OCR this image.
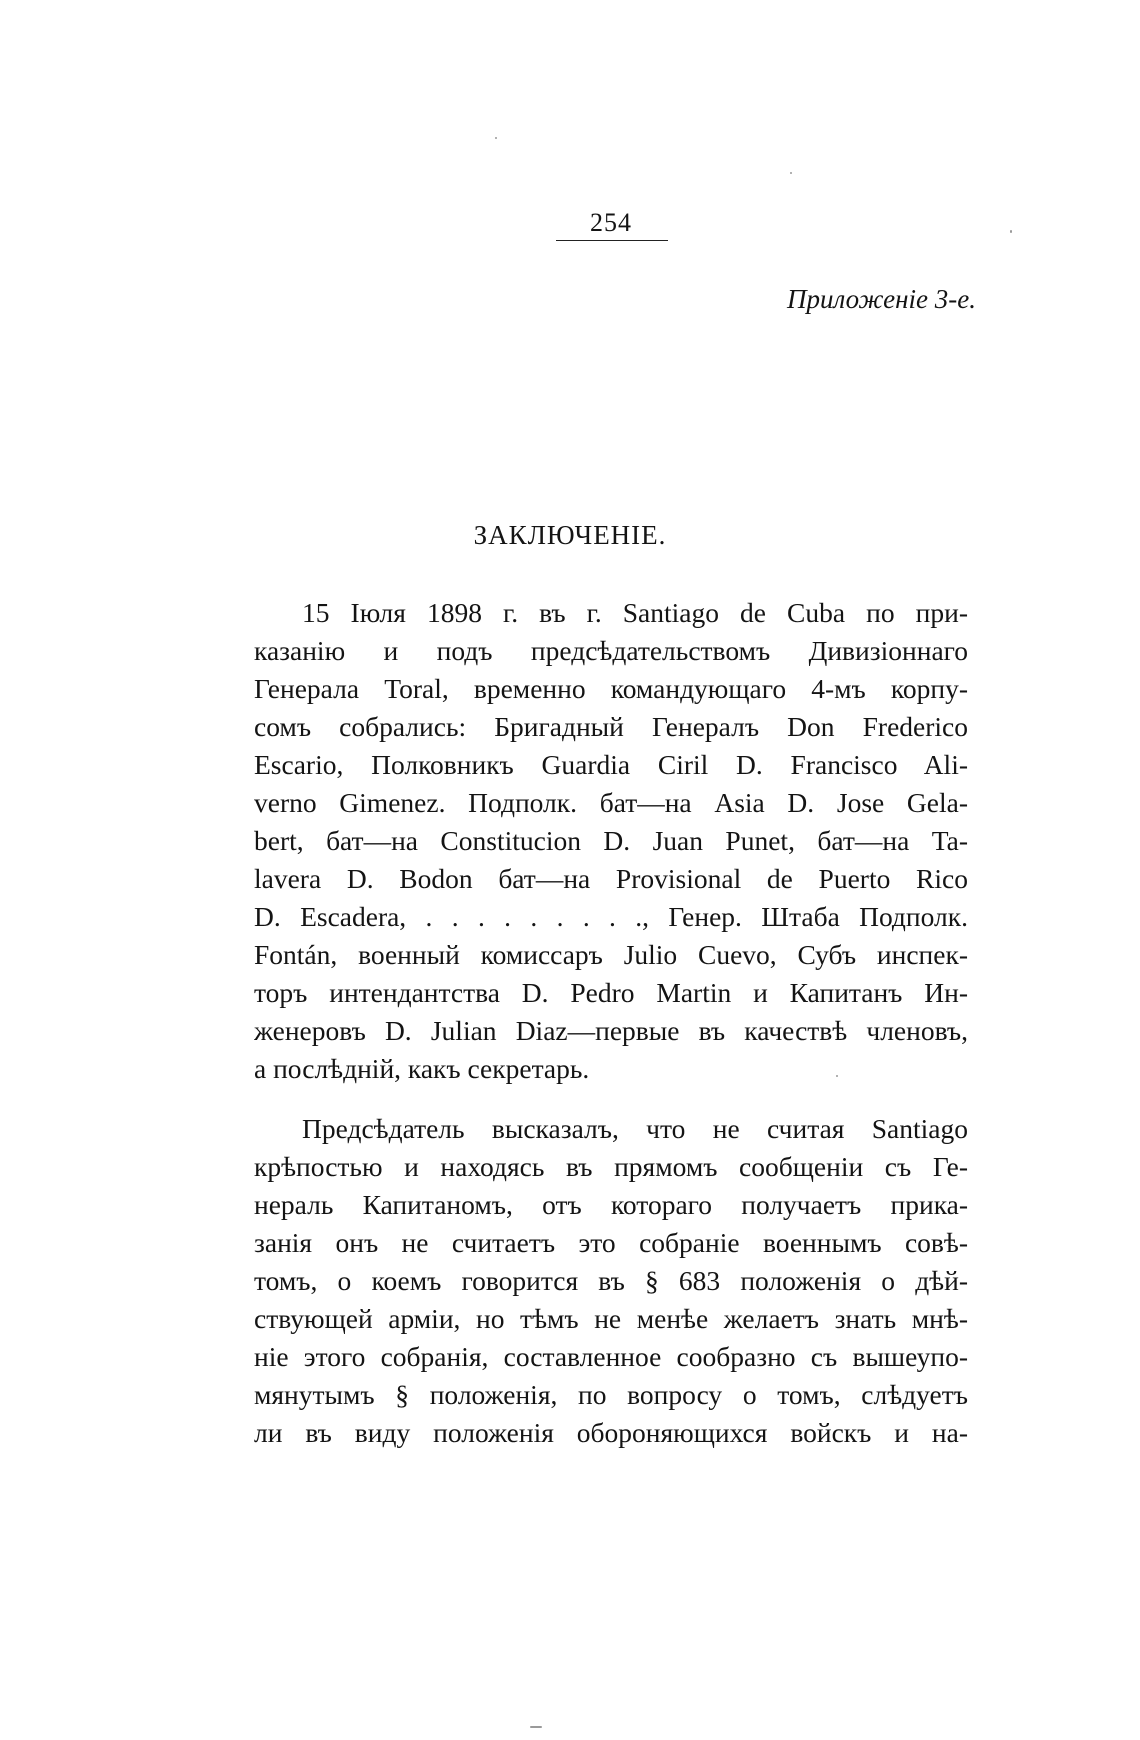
254
Приложеніе 3-е.
ЗАКЛЮЧЕНІЕ.
15 Іюля 1898 г. въ г. Santiago de Cuba по при-
казанію и подъ предсѣдательствомъ Дивизіоннаго
Генерала Toral, временно командующаго 4-мъ корпу-
сомъ собрались: Бригадный Генералъ Don Frederico
Escario, Полковникъ Guardia Ciril D. Francisco Ali-
verno Gimenez. Подполк. бат—на Asia D. Jose Gela-
bert, бат—на Constitucion D. Juan Punet, бат—на Ta-
lavera D. Bodon бат—на Provisional de Puerto Rico
D. Escadera, . . . . . . . . ., Генер. Штаба Подполк.
Fontán, военный комиссаръ Julio Cuevo, Субъ инспек-
торъ интендантства D. Pedro Martin и Капитанъ Ин-
женеровъ D. Julian Diaz—первые въ качествѣ членовъ,
а послѣдній, какъ секретарь.
Предсѣдатель высказалъ, что не считая Santiago
крѣпостью и находясь въ прямомъ сообщеніи съ Ге-
нераль Капитаномъ, отъ котораго получаетъ прика-
занія онъ не считаетъ это собраніе военнымъ совѣ-
томъ, о коемъ говорится въ § 683 положенія о дѣй-
ствующей арміи, но тѣмъ не менѣе желаетъ знать мнѣ-
ніе этого собранія, составленное сообразно съ вышеупо-
мянутымъ § положенія, по вопросу о томъ, слѣдуетъ
ли въ виду положенія обороняющихся войскъ и на-
